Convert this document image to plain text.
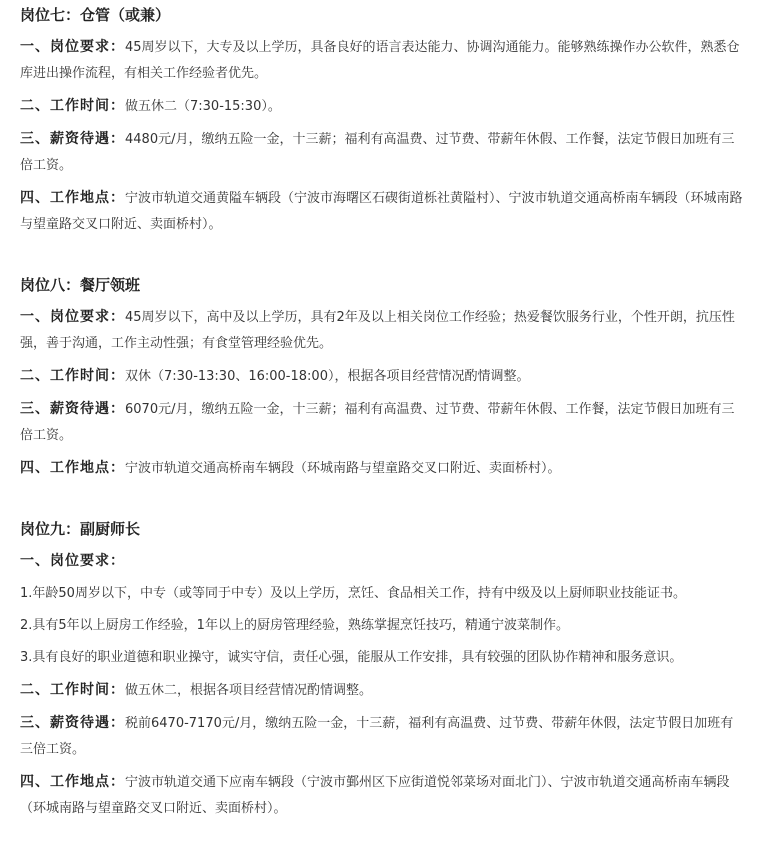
岗位七：仓管（或兼）

一、岗位要求：45周岁以下，大专及以上学历，具备良好的语言表达能力、协调沟通能力。能够熟练操作办公软件，熟悉仓库进出操作流程，有相关工作经验者优先。

二、工作时间：做五休二（7:30-15:30）。

三、薪资待遇：4480元/月，缴纳五险一金，十三薪；福利有高温费、过节费、带薪年休假、工作餐，法定节假日加班有三倍工资。

四、工作地点：宁波市轨道交通黄隘车辆段（宁波市海曙区石碶街道栎社黄隘村）、宁波市轨道交通高桥南车辆段（环城南路与望童路交叉口附近、卖面桥村）。

岗位八：餐厅领班

一、岗位要求：45周岁以下，高中及以上学历，具有2年及以上相关岗位工作经验；热爱餐饮服务行业，个性开朗，抗压性强，善于沟通，工作主动性强；有食堂管理经验优先。

二、工作时间：双休（7:30-13:30、16:00-18:00），根据各项目经营情况酌情调整。

三、薪资待遇：6070元/月，缴纳五险一金，十三薪；福利有高温费、过节费、带薪年休假、工作餐，法定节假日加班有三倍工资。

四、工作地点：宁波市轨道交通高桥南车辆段（环城南路与望童路交叉口附近、卖面桥村）。

岗位九：副厨师长

一、岗位要求：

1.年龄50周岁以下，中专（或等同于中专）及以上学历，烹饪、食品相关工作，持有中级及以上厨师职业技能证书。

2.具有5年以上厨房工作经验，1年以上的厨房管理经验，熟练掌握烹饪技巧，精通宁波菜制作。

3.具有良好的职业道德和职业操守，诚实守信，责任心强，能服从工作安排，具有较强的团队协作精神和服务意识。

二、工作时间：做五休二，根据各项目经营情况酌情调整。

三、薪资待遇：税前6470-7170元/月，缴纳五险一金，十三薪，福利有高温费、过节费、带薪年休假，法定节假日加班有三倍工资。

四、工作地点：宁波市轨道交通下应南车辆段（宁波市鄞州区下应街道悦邻菜场对面北门）、宁波市轨道交通高桥南车辆段（环城南路与望童路交叉口附近、卖面桥村）。
